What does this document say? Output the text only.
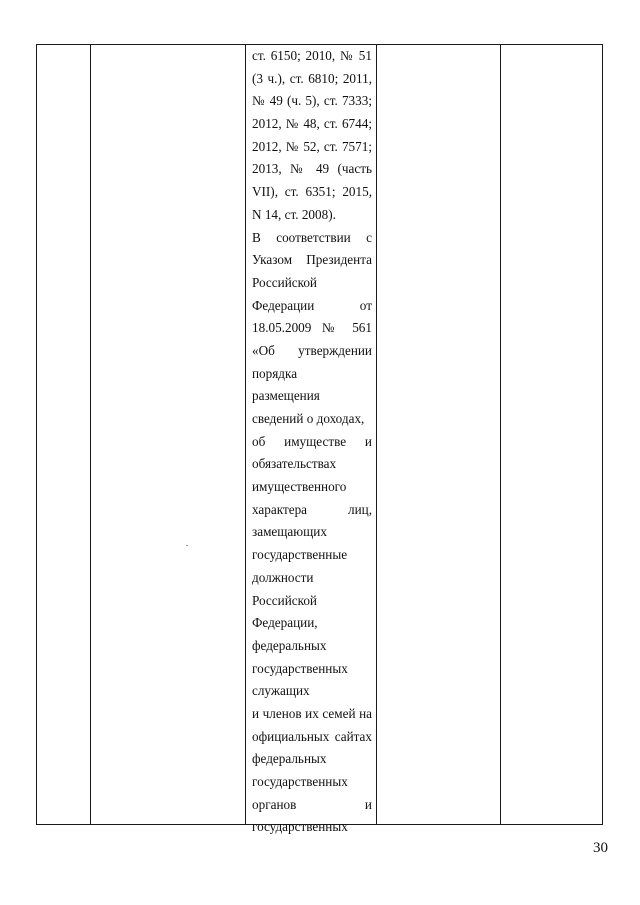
ст. 6150; 2010, № 51
(3 ч.), ст. 6810; 2011,
№ 49 (ч. 5), ст. 7333;
2012, № 48, ст. 6744;
2012, № 52, ст. 7571;
2013, № 49 (часть
VII), ст. 6351; 2015,
N 14, ст. 2008).
В соответствии с
Указом Президента
Российской
Федерации от
18.05.2009 № 561
«Об утверждении
порядка
размещения
сведений о доходах,
об имуществе и
обязательствах
имущественного
характера лиц,
замещающих
государственные
должности
Российской
Федерации,
федеральных
государственных
служащих
и членов их семей на
официальных сайтах
федеральных
государственных
органов и
государственных
30
